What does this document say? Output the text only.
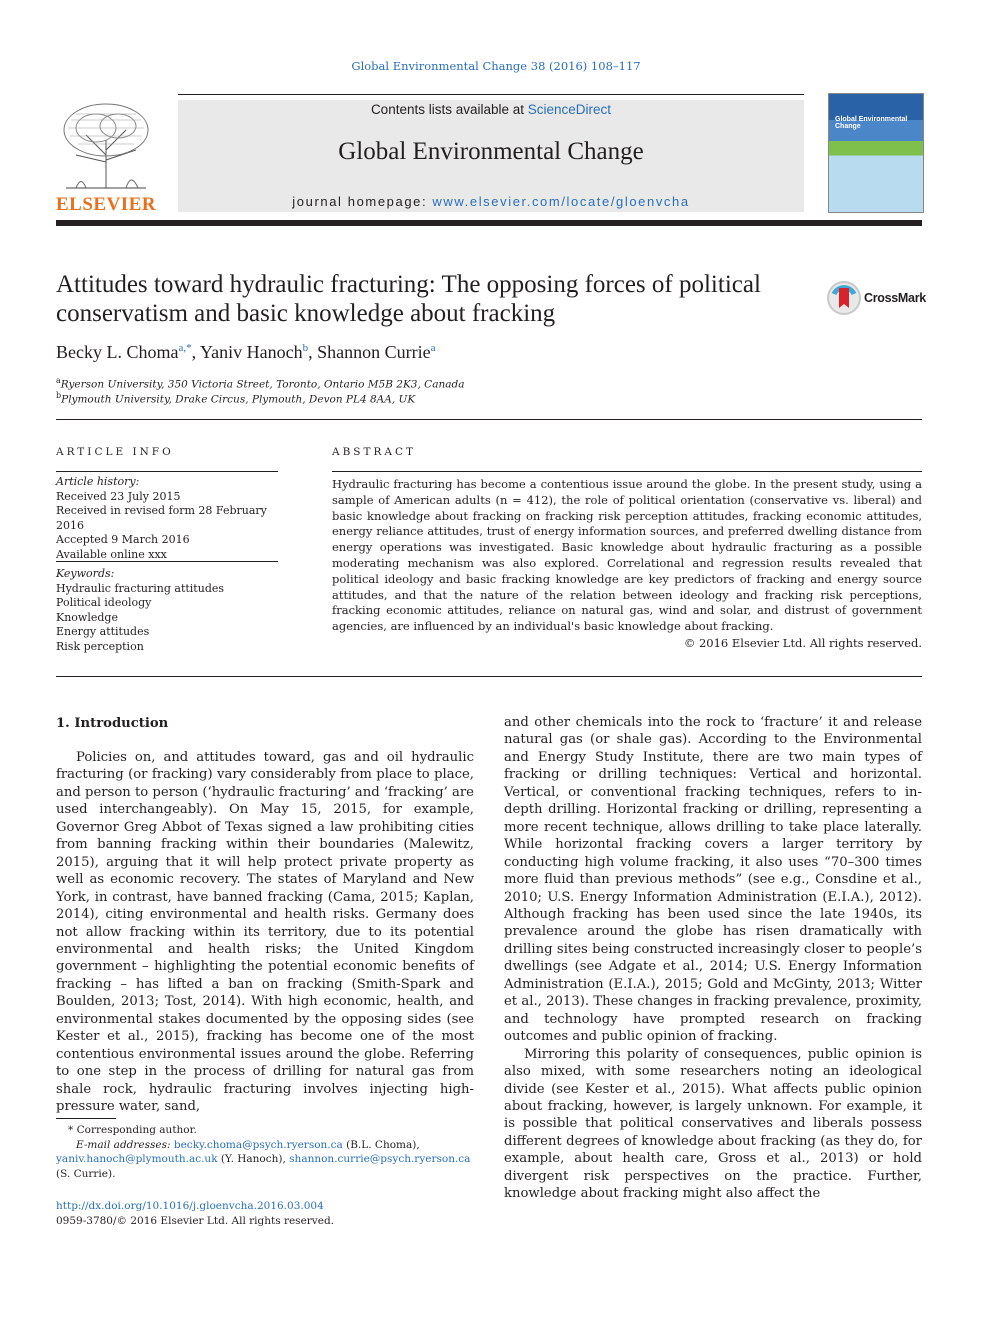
Global Environmental Change 38 (2016) 108–117
ELSEVIER
Contents lists available at ScienceDirect
Global Environmental Change
journal homepage: www.elsevier.com/locate/gloenvcha
Global Environmental Change
Attitudes toward hydraulic fracturing: The opposing forces of political conservatism and basic knowledge about fracking
CrossMark
Becky L. Choma$^{a,*}$, Yaniv Hanoch$^b$, Shannon Currie$^a$
$^a$Ryerson University, 350 Victoria Street, Toronto, Ontario M5B 2K3, Canada
$^b$Plymouth University, Drake Circus, Plymouth, Devon PL4 8AA, UK
ARTICLE INFO
Article history:
Received 23 July 2015
Received in revised form 28 February 2016
Accepted 9 March 2016
Available online xxx
Keywords:
Hydraulic fracturing attitudes
Political ideology
Knowledge
Energy attitudes
Risk perception
ABSTRACT
Hydraulic fracturing has become a contentious issue around the globe. In the present study, using a sample of American adults (n = 412), the role of political orientation (conservative vs. liberal) and basic knowledge about fracking on fracking risk perception attitudes, fracking economic attitudes, energy reliance attitudes, trust of energy information sources, and preferred dwelling distance from energy operations was investigated. Basic knowledge about hydraulic fracturing as a possible moderating mechanism was also explored. Correlational and regression results revealed that political ideology and basic fracking knowledge are key predictors of fracking and energy source attitudes, and that the nature of the relation between ideology and fracking risk perceptions, fracking economic attitudes, reliance on natural gas, wind and solar, and distrust of government agencies, are influenced by an individual's basic knowledge about fracking.
© 2016 Elsevier Ltd. All rights reserved.
1. Introduction

Policies on, and attitudes toward, gas and oil hydraulic fracturing (or fracking) vary considerably from place to place, and person to person (‘hydraulic fracturing’ and ‘fracking’ are used interchangeably). On May 15, 2015, for example, Governor Greg Abbot of Texas signed a law prohibiting cities from banning fracking within their boundaries (Malewitz, 2015), arguing that it will help protect private property as well as economic recovery. The states of Maryland and New York, in contrast, have banned fracking (Cama, 2015; Kaplan, 2014), citing environmental and health risks. Germany does not allow fracking within its territory, due to its potential environmental and health risks; the United Kingdom government – highlighting the potential economic benefits of fracking – has lifted a ban on fracking (Smith-Spark and Boulden, 2013; Tost, 2014). With high economic, health, and environmental stakes documented by the opposing sides (see Kester et al., 2015), fracking has become one of the most contentious environmental issues around the globe. Referring to one step in the process of drilling for natural gas from shale rock, hydraulic fracturing involves injecting high-pressure water, sand,

and other chemicals into the rock to ‘fracture’ it and release natural gas (or shale gas). According to the Environmental and Energy Study Institute, there are two main types of fracking or drilling techniques: Vertical and horizontal. Vertical, or conventional fracking techniques, refers to in-depth drilling. Horizontal fracking or drilling, representing a more recent technique, allows drilling to take place laterally. While horizontal fracking covers a larger territory by conducting high volume fracking, it also uses “70–300 times more fluid than previous methods” (see e.g., Consdine et al., 2010; U.S. Energy Information Administration (E.I.A.), 2012). Although fracking has been used since the late 1940s, its prevalence around the globe has risen dramatically with drilling sites being constructed increasingly closer to people’s dwellings (see Adgate et al., 2014; U.S. Energy Information Administration (E.I.A.), 2015; Gold and McGinty, 2013; Witter et al., 2013). These changes in fracking prevalence, proximity, and technology have prompted research on fracking outcomes and public opinion of fracking.

Mirroring this polarity of consequences, public opinion is also mixed, with some researchers noting an ideological divide (see Kester et al., 2015). What affects public opinion about fracking, however, is largely unknown. For example, it is possible that political conservatives and liberals possess different degrees of knowledge about fracking (as they do, for example, about health care, Gross et al., 2013) or hold divergent risk perspectives on the practice. Further, knowledge about fracking might also affect the

* Corresponding author.
E-mail addresses: becky.choma@psych.ryerson.ca (B.L. Choma),
yaniv.hanoch@plymouth.ac.uk (Y. Hanoch), shannon.currie@psych.ryerson.ca
(S. Currie).
http://dx.doi.org/10.1016/j.gloenvcha.2016.03.004
0959-3780/© 2016 Elsevier Ltd. All rights reserved.
